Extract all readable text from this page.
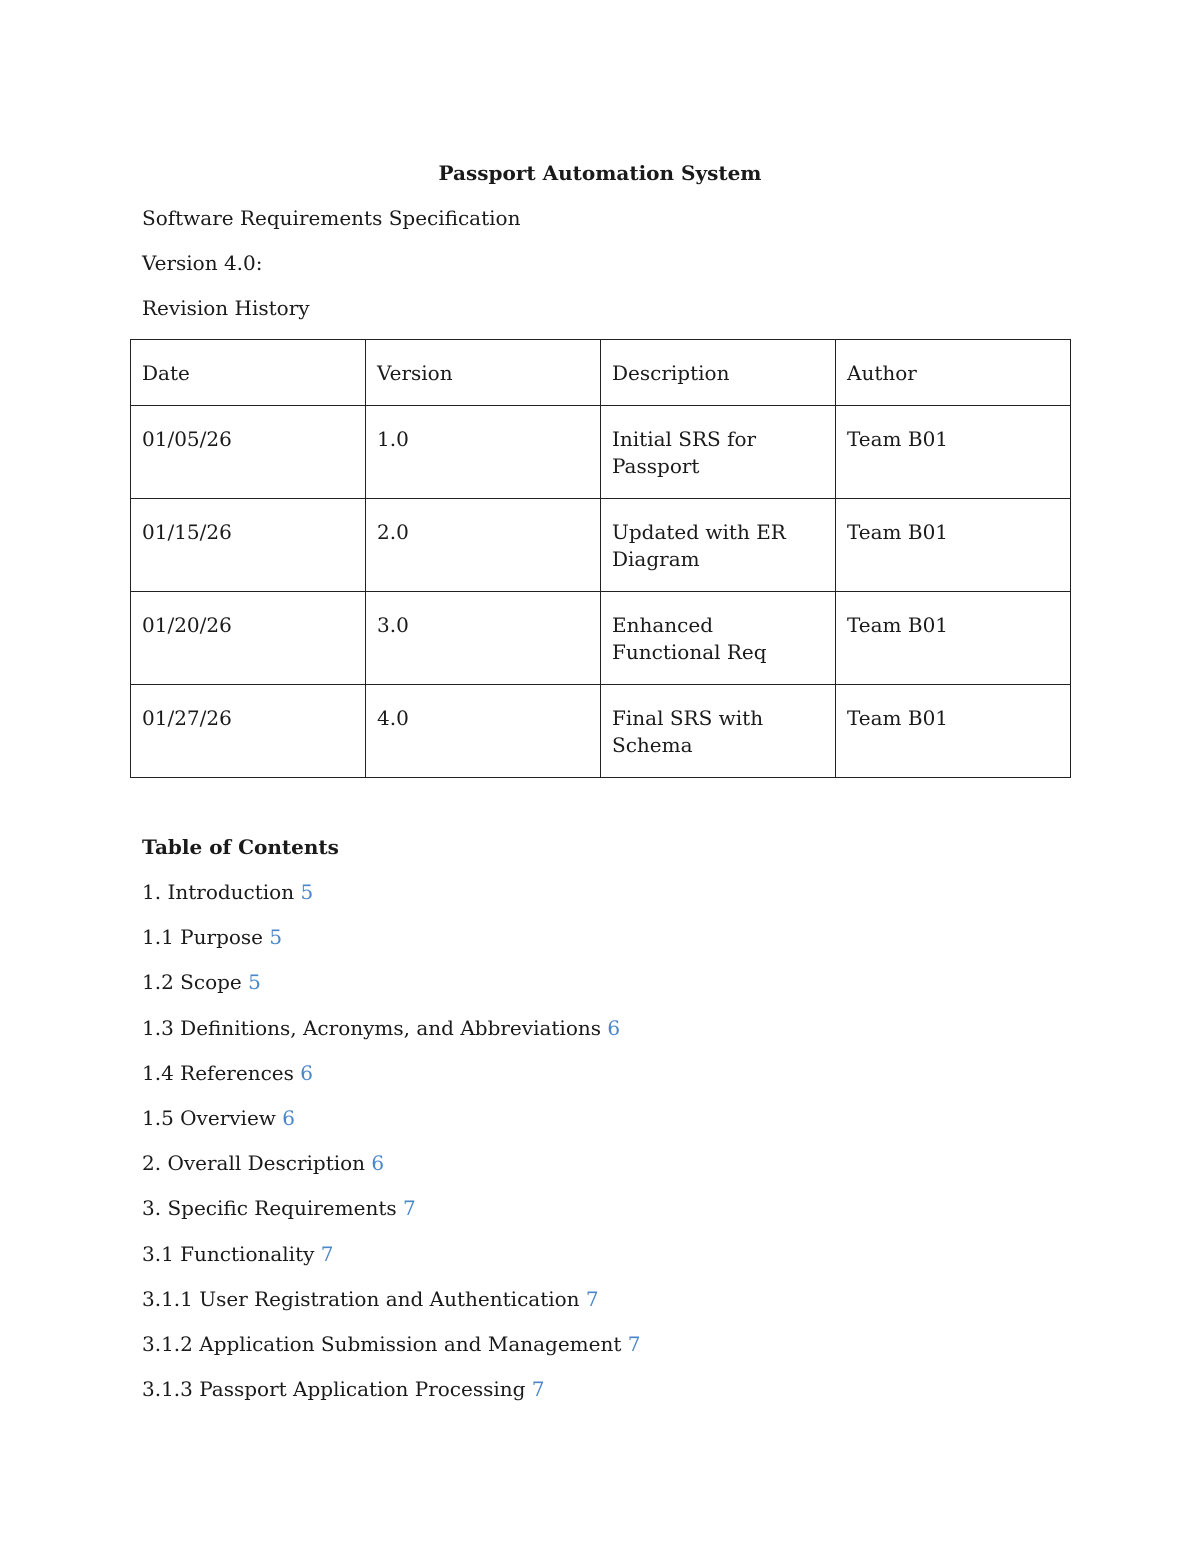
Passport Automation System
Software Requirements Specification
Version 4.0:
Revision History
Date	Version	Description	Author
01/05/26	1.0	Initial SRS for Passport	Team B01
01/15/26	2.0	Updated with ER Diagram	Team B01
01/20/26	3.0	Enhanced Functional Req	Team B01
01/27/26	4.0	Final SRS with Schema	Team B01
Table of Contents
1. Introduction 5
1.1 Purpose 5
1.2 Scope 5
1.3 Definitions, Acronyms, and Abbreviations 6
1.4 References 6
1.5 Overview 6
2. Overall Description 6
3. Specific Requirements 7
3.1 Functionality 7
3.1.1 User Registration and Authentication 7
3.1.2 Application Submission and Management 7
3.1.3 Passport Application Processing 7
